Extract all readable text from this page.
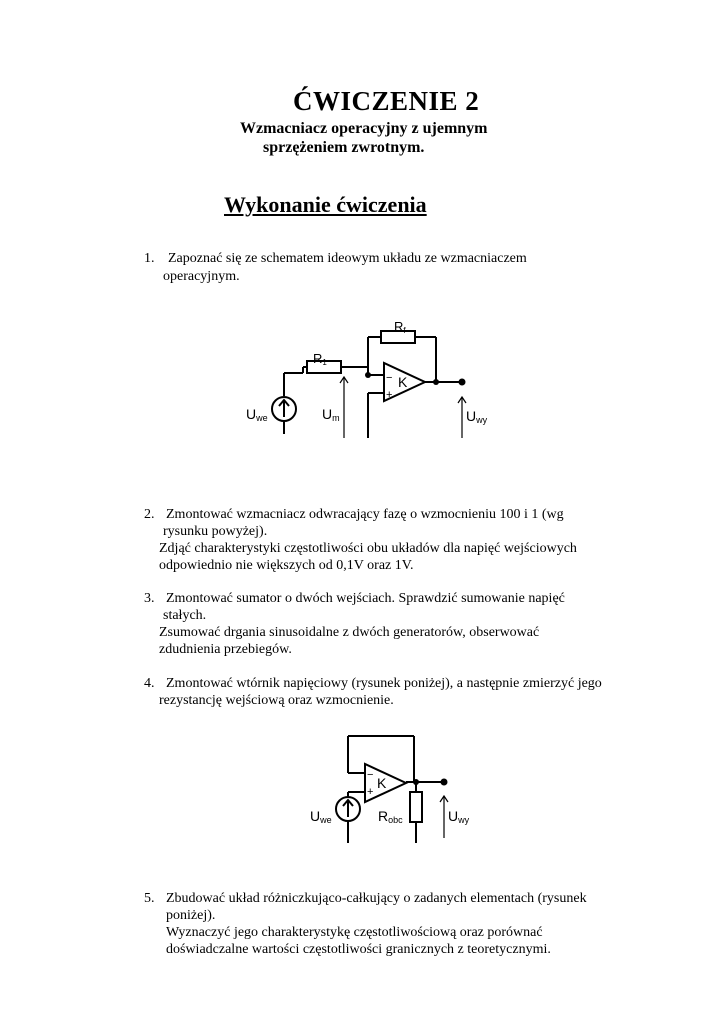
ĆWICZENIE 2
Wzmacniacz operacyjny z ujemnym
sprzężeniem zwrotnym.
Wykonanie ćwiczenia
1. Zapoznać się ze schematem ideowym układu ze wzmacniaczem
operacyjnym.
Rf
R1
K
−
+
Uwe	Um	Uwy
2. Zmontować wzmacniacz odwracający fazę o wzmocnieniu 100 i 1 (wg
rysunku powyżej).
Zdjąć charakterystyki częstotliwości obu układów dla napięć wejściowych
odpowiednio nie większych od 0,1V oraz 1V.
3. Zmontować sumator o dwóch wejściach. Sprawdzić sumowanie napięć
stałych.
Zsumować drgania sinusoidalne z dwóch generatorów, obserwować
zdudnienia przebiegów.
4. Zmontować wtórnik napięciowy (rysunek poniżej), a następnie zmierzyć jego
rezystancję wejściową oraz wzmocnienie.
K
−
+
Uwe	Robc	Uwy
5. Zbudować układ różniczkująco-całkujący o zadanych elementach (rysunek
poniżej).
Wyznaczyć jego charakterystykę częstotliwościową oraz porównać
doświadczalne wartości częstotliwości granicznych z teoretycznymi.
